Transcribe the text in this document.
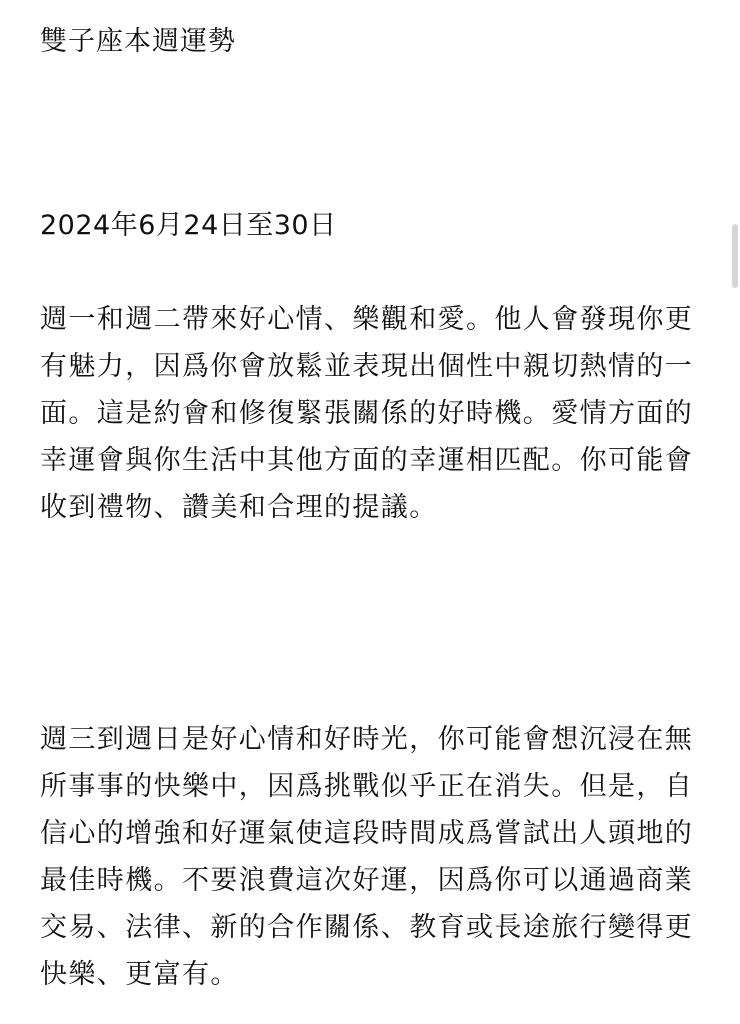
雙子座本週運勢

2024年6月24日至30日

週一和週二帶來好心情、樂觀和愛。他人會發現你更有魅力，因爲你會放鬆並表現出個性中親切熱情的一面。這是約會和修復緊張關係的好時機。愛情方面的幸運會與你生活中其他方面的幸運相匹配。你可能會收到禮物、讚美和合理的提議。

週三到週日是好心情和好時光，你可能會想沉浸在無所事事的快樂中，因爲挑戰似乎正在消失。但是，自信心的增強和好運氣使這段時間成爲嘗試出人頭地的最佳時機。不要浪費這次好運，因爲你可以通過商業交易、法律、新的合作關係、教育或長途旅行變得更快樂、更富有。
